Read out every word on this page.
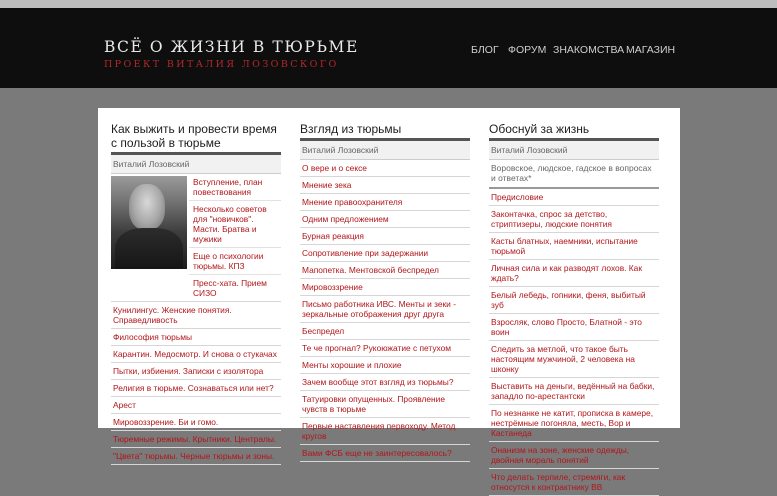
ВСЁ О ЖИЗНИ В ТЮРЬМЕ
ПРОЕКТ ВИТАЛИЯ ЛОЗОВСКОГО
БЛОГ ФОРУМ ЗНАКОМСТВА МАГАЗИН
Как выжить и провести время с пользой в тюрьме
Виталий Лозовский
Вступление, план повествования
Несколько советов для "новичков". Масти. Братва и мужики
Еще о психологии тюрьмы. КПЗ
Пресс-хата. Прием СИЗО
Кунилингус. Женские понятия. Справедливость
Философия тюрьмы
Карантин. Медосмотр. И снова о стукачах
Пытки, избиения. Записки с изолятора
Религия в тюрьме. Сознаваться или нет?
Арест
Мировоззрение. Би и гомо.
Тюремные режимы. Крытники. Централы.
"Цвета" тюрьмы. Черные тюрьмы и зоны.
Взгляд из тюрьмы
Виталий Лозовский
О вере и о сексе
Мнение зека
Мнение правоохранителя
Одним предложением
Бурная реакция
Сопротивление при задержании
Мапопетка. Ментовской беспредел
Мировоззрение
Письмо работника ИВС. Менты и зеки - зеркальные отображения друг друга
Беспредел
Те че прогнал? Рукоюжатие с петухом
Менты хорошие и плохие
Зачем вообще этот взгляд из тюрьмы?
Татуировки опущенных. Проявление чувств в тюрьме
Первые наставления первоходу. Метод кругов
Вами ФСБ еще не заинтересовалось?
Обоснуй за жизнь
Виталий Лозовский
Воровское, людское, гадское в вопросах и ответах*
Предисловие
Законтачка, спрос за детство, стриптизеры, людские понятия
Касты блатных, наемники, испытание тюрьмой
Личная сила и как разводят лохов. Как ждать?
Белый лебедь, гопники, феня, выбитый зуб
Взросляк, слово Просто, Блатной - это воин
Следить за метлой, что такое быть настоящим мужчиной, 2 человека на шконку
Выставить на деньги, ведённый на бабки, западло по-арестантски
По незнанке не катит, прописка в камере, нестрёмные погоняла, месть, Вор и Кастанеда
Онанизм на зоне, женские одежды, двойная мораль понятий
Что делать терпиле, стремяги, как относутся к контрактнику ВВ
